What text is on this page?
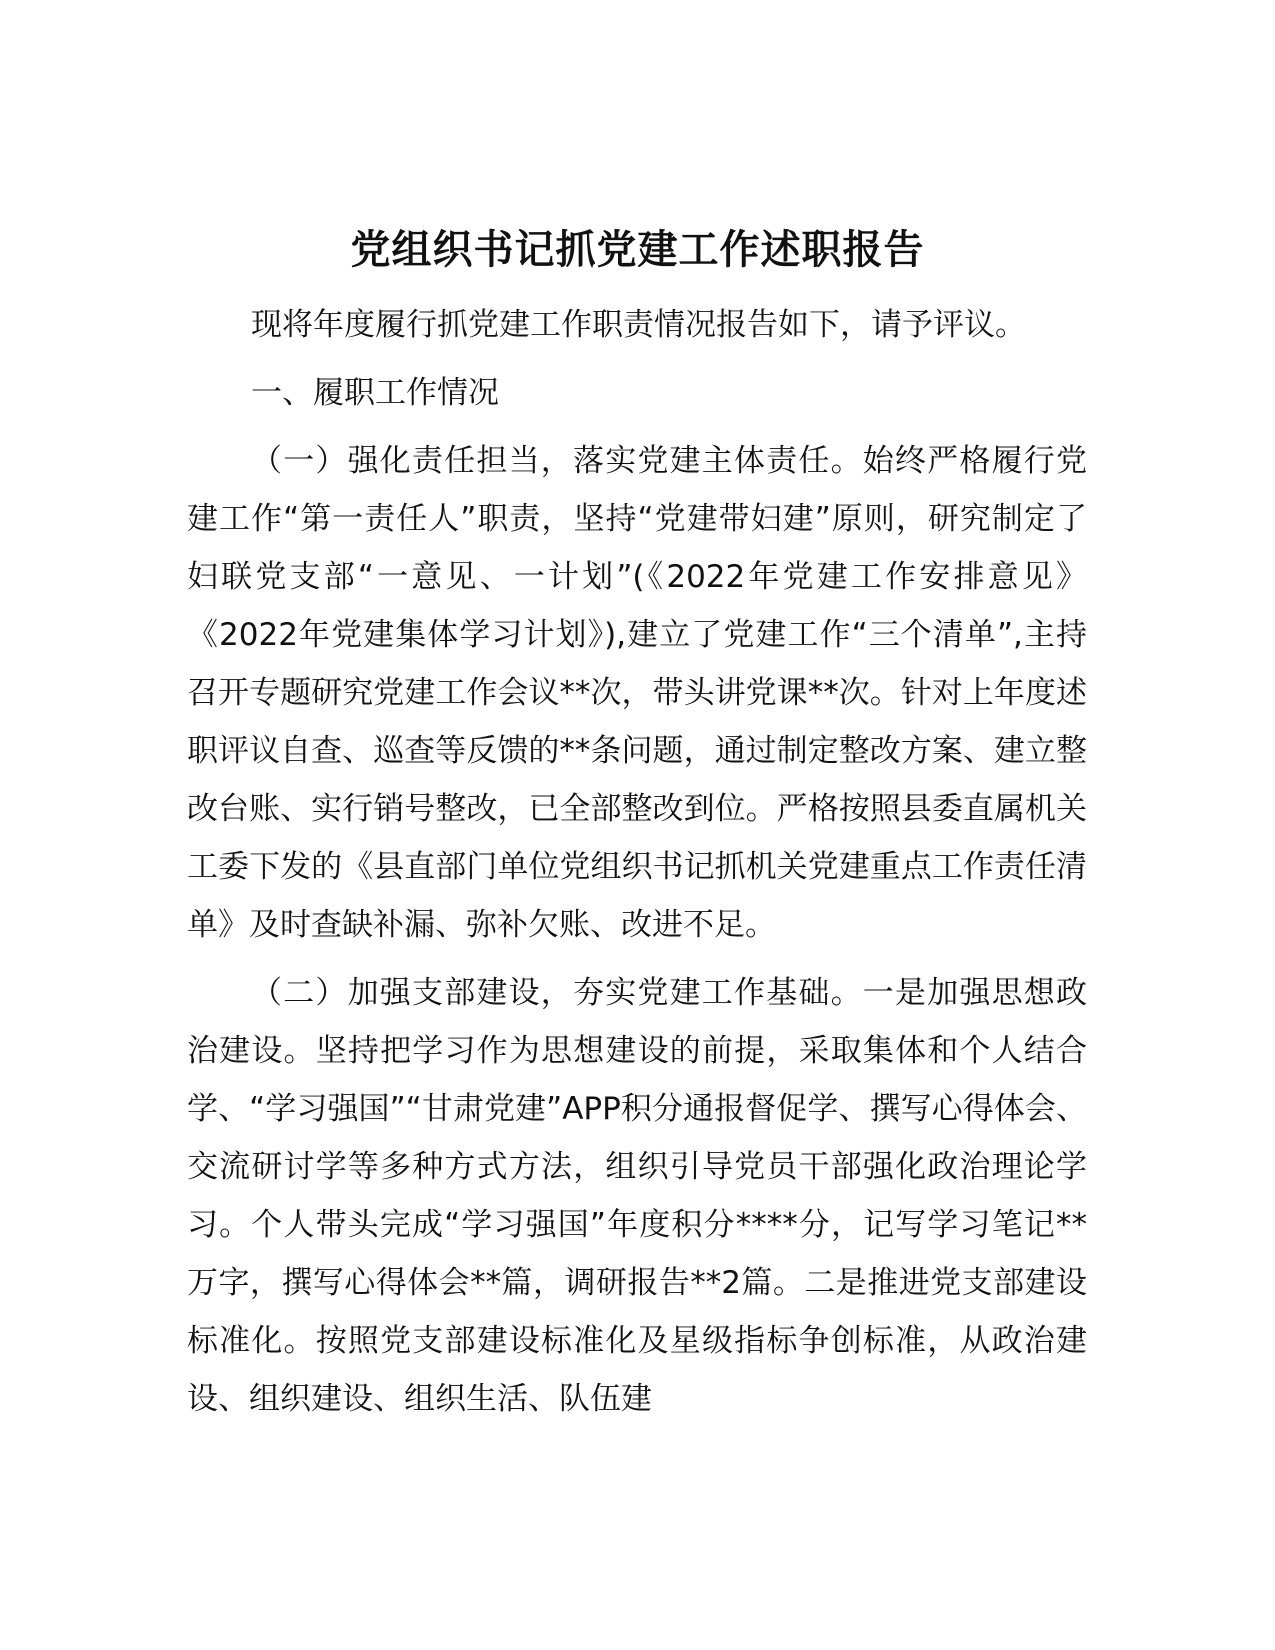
党组织书记抓党建工作述职报告

现将年度履行抓党建工作职责情况报告如下，请予评议。

一、履职工作情况

（一）强化责任担当，落实党建主体责任。始终严格履行党建工作“第一责任人”职责，坚持“党建带妇建”原则，研究制定了妇联党支部“一意见、一计划”(《2022年党建工作安排意见》《2022年党建集体学习计划》),建立了党建工作“三个清单”,主持召开专题研究党建工作会议**次，带头讲党课**次。针对上年度述职评议自查、巡查等反馈的**条问题，通过制定整改方案、建立整改台账、实行销号整改，已全部整改到位。严格按照县委直属机关工委下发的《县直部门单位党组织书记抓机关党建重点工作责任清单》及时查缺补漏、弥补欠账、改进不足。

（二）加强支部建设，夯实党建工作基础。一是加强思想政治建设。坚持把学习作为思想建设的前提，采取集体和个人结合学、“学习强国”“甘肃党建”APP积分通报督促学、撰写心得体会、交流研讨学等多种方式方法，组织引导党员干部强化政治理论学习。个人带头完成“学习强国”年度积分****分，记写学习笔记**万字，撰写心得体会**篇，调研报告**2篇。二是推进党支部建设标准化。按照党支部建设标准化及星级指标争创标准，从政治建设、组织建设、组织生活、队伍建
